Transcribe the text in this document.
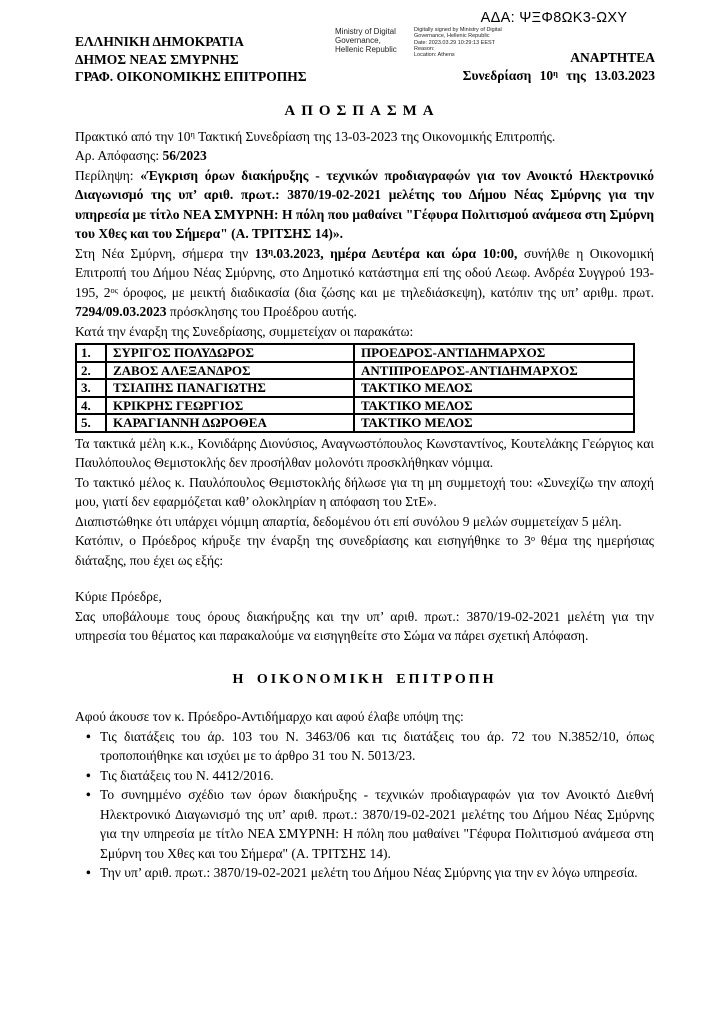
ΑΔΑ: ΨΞΦ8ΩΚ3-ΩΧΥ
ΕΛΛΗΝΙΚΗ ΔΗΜΟΚΡΑΤΙΑ
ΔΗΜΟΣ ΝΕΑΣ ΣΜΥΡΝΗΣ
ΓΡΑΦ. ΟΙΚΟΝΟΜΙΚΗΣ ΕΠΙΤΡΟΠΗΣ
Ministry of Digital Governance, Hellenic Republic
Digitally signed by Ministry of Digital Governance, Hellenic Republic
Date: 2023.03.29 10:29:13 EEST
Reason:
Location: Athens	ΑΝΑΡΤΗΤΕΑ
Συνεδρίαση $10^\eta$ της 13.03.2023
ΑΠΟΣΠΑΣΜΑ

Πρακτικό από την $10^\eta$ Τακτική Συνεδρίαση της 13-03-2023 της Οικονομικής Επιτροπής.

Αρ. Απόφασης: 56/2023

Περίληψη: «Έγκριση όρων διακήρυξης - τεχνικών προδιαγραφών για τον Ανοικτό Ηλεκτρονικό Διαγωνισμό της υπ’ αριθ. πρωτ.: 3870/19-02-2021 μελέτης του Δήμου Νέας Σμύρνης για την υπηρεσία με τίτλο ΝΕΑ ΣΜΥΡΝΗ: Η πόλη που μαθαίνει "Γέφυρα Πολιτισμού ανάμεσα στη Σμύρνη του Χθες και του Σήμερα" (Α. ΤΡΙΤΣΗΣ 14)».

Στη Νέα Σμύρνη, σήμερα την $13^\eta.03.2023$, ημέρα Δευτέρα και ώρα 10:00, συνήλθε η Οικονομική Επιτροπή του Δήμου Νέας Σμύρνης, στο Δημοτικό κατάστημα επί της οδού Λεωφ. Ανδρέα Συγγρού 193-195, $2^{o\varsigma}$ όροφος, με μεικτή διαδικασία (δια ζώσης και με τηλεδιάσκεψη), κατόπιν της υπ’ αριθμ. πρωτ. 7294/09.03.2023 πρόσκλησης του Προέδρου αυτής.

Κατά την έναρξη της Συνεδρίασης, συμμετείχαν οι παρακάτω:

1.	ΣΥΡΙΓΟΣ ΠΟΛΥΔΩΡΟΣ	ΠΡΟΕΔΡΟΣ-ΑΝΤΙΔΗΜΑΡΧΟΣ
2.	ΖΑΒΟΣ ΑΛΕΞΑΝΔΡΟΣ	ΑΝΤΙΠΡΟΕΔΡΟΣ-ΑΝΤΙΔΗΜΑΡΧΟΣ
3.	ΤΣΙΑΠΗΣ ΠΑΝΑΓΙΩΤΗΣ	ΤΑΚΤΙΚΟ ΜΕΛΟΣ
4.	ΚΡΙΚΡΗΣ ΓΕΩΡΓΙΟΣ	ΤΑΚΤΙΚΟ ΜΕΛΟΣ
5.	ΚΑΡΑΓΙΑΝΝΗ ΔΩΡΟΘΕΑ	ΤΑΚΤΙΚΟ ΜΕΛΟΣ

Τα τακτικά μέλη κ.κ., Κονιδάρης Διονύσιος, Αναγνωστόπουλος Κωνσταντίνος, Κουτελάκης Γεώργιος και Παυλόπουλος Θεμιστοκλής δεν προσήλθαν μολονότι προσκλήθηκαν νόμιμα.

Το τακτικό μέλος κ. Παυλόπουλος Θεμιστοκλής δήλωσε για τη μη συμμετοχή του: «Συνεχίζω την αποχή μου, γιατί δεν εφαρμόζεται καθ’ ολοκληρίαν η απόφαση του ΣτΕ».

Διαπιστώθηκε ότι υπάρχει νόμιμη απαρτία, δεδομένου ότι επί συνόλου 9 μελών συμμετείχαν 5 μέλη.

Κατόπιν, ο Πρόεδρος κήρυξε την έναρξη της συνεδρίασης και εισηγήθηκε το $3^o$ θέμα της ημερήσιας διάταξης, που έχει ως εξής:

Κύριε Πρόεδρε,

Σας υποβάλουμε τους όρους διακήρυξης και την υπ’ αριθ. πρωτ.: 3870/19-02-2021 μελέτη για την υπηρεσία του θέματος και παρακαλούμε να εισηγηθείτε στο Σώμα να πάρει σχετική Απόφαση.

Η ΟΙΚΟΝΟΜΙΚΗ ΕΠΙΤΡΟΠΗ

Αφού άκουσε τον κ. Πρόεδρο-Αντιδήμαρχο και αφού έλαβε υπόψη της:

• Τις διατάξεις του άρ. 103 του Ν. 3463/06 και τις διατάξεις του άρ. 72 του Ν.3852/10, όπως τροποποιήθηκε και ισχύει με το άρθρο 31 του Ν. 5013/23.
• Τις διατάξεις του Ν. 4412/2016.
• Το συνημμένο σχέδιο των όρων διακήρυξης - τεχνικών προδιαγραφών για τον Ανοικτό Διεθνή Ηλεκτρονικό Διαγωνισμό της υπ’ αριθ. πρωτ.: 3870/19-02-2021 μελέτης του Δήμου Νέας Σμύρνης για την υπηρεσία με τίτλο ΝΕΑ ΣΜΥΡΝΗ: Η πόλη που μαθαίνει "Γέφυρα Πολιτισμού ανάμεσα στη Σμύρνη του Χθες και του Σήμερα" (Α. ΤΡΙΤΣΗΣ 14).
• Την υπ’ αριθ. πρωτ.: 3870/19-02-2021 μελέτη του Δήμου Νέας Σμύρνης για την εν λόγω υπηρεσία.
